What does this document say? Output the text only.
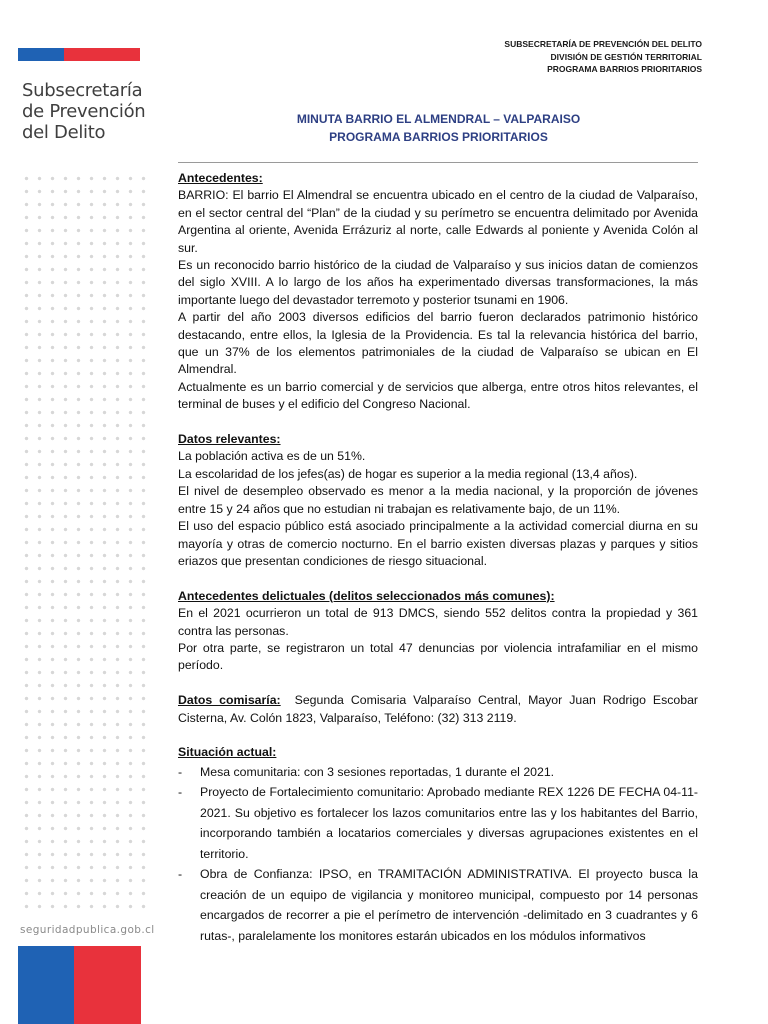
Subsecretaría
de Prevención
del Delito
seguridadpublica.gob.cl
SUBSECRETARÍA DE PREVENCIÓN DEL DELITO
DIVISIÓN DE GESTIÓN TERRITORIAL
PROGRAMA BARRIOS PRIORITARIOS
MINUTA BARRIO EL ALMENDRAL – VALPARAISO
PROGRAMA BARRIOS PRIORITARIOS

Antecedentes:

BARRIO: El barrio El Almendral se encuentra ubicado en el centro de la ciudad de Valparaíso, en el sector central del “Plan” de la ciudad y su perímetro se encuentra delimitado por Avenida Argentina al oriente, Avenida Errázuriz al norte, calle Edwards al poniente y Avenida Colón al sur.

Es un reconocido barrio histórico de la ciudad de Valparaíso y sus inicios datan de comienzos del siglo XVIII. A lo largo de los años ha experimentado diversas transformaciones, la más importante luego del devastador terremoto y posterior tsunami en 1906.

A partir del año 2003 diversos edificios del barrio fueron declarados patrimonio histórico destacando, entre ellos, la Iglesia de la Providencia. Es tal la relevancia histórica del barrio, que un 37% de los elementos patrimoniales de la ciudad de Valparaíso se ubican en El Almendral.

Actualmente es un barrio comercial y de servicios que alberga, entre otros hitos relevantes, el terminal de buses y el edificio del Congreso Nacional.

Datos relevantes:

La población activa es de un 51%.

La escolaridad de los jefes(as) de hogar es superior a la media regional (13,4 años).

El nivel de desempleo observado es menor a la media nacional, y la proporción de jóvenes entre 15 y 24 años que no estudian ni trabajan es relativamente bajo, de un 11%.

El uso del espacio público está asociado principalmente a la actividad comercial diurna en su mayoría y otras de comercio nocturno. En el barrio existen diversas plazas y parques y sitios eriazos que presentan condiciones de riesgo situacional.

Antecedentes delictuales (delitos seleccionados más comunes):

En el 2021 ocurrieron un total de 913 DMCS, siendo 552 delitos contra la propiedad y 361 contra las personas.

Por otra parte, se registraron un total 47 denuncias por violencia intrafamiliar en el mismo período.

Datos comisaría: Segunda Comisaria Valparaíso Central, Mayor Juan Rodrigo Escobar Cisterna, Av. Colón 1823, Valparaíso, Teléfono: (32) 313 2119.

Situación actual:

- Mesa comunitaria: con 3 sesiones reportadas, 1 durante el 2021.
- Proyecto de Fortalecimiento comunitario: Aprobado mediante REX 1226 DE FECHA 04-11-2021. Su objetivo es fortalecer los lazos comunitarios entre las y los habitantes del Barrio, incorporando también a locatarios comerciales y diversas agrupaciones existentes en el territorio.
- Obra de Confianza: IPSO, en TRAMITACIÓN ADMINISTRATIVA. El proyecto busca la creación de un equipo de vigilancia y monitoreo municipal, compuesto por 14 personas encargados de recorrer a pie el perímetro de intervención -delimitado en 3 cuadrantes y 6 rutas-, paralelamente los monitores estarán ubicados en los módulos informativos
